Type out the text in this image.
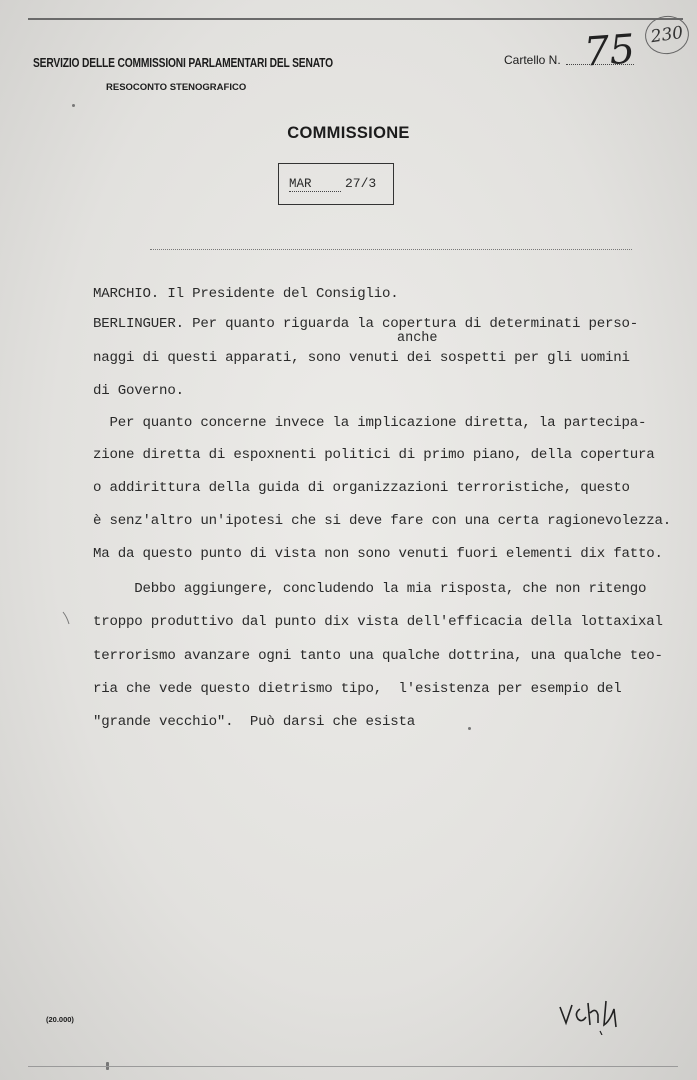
SERVIZIO DELLE COMMISSIONI PARLAMENTARI DEL SENATO
RESOCONTO STENOGRAFICO
Cartello N. 75 230
COMMISSIONE
MAR	27/3
MARCHIO. Il Presidente del Consiglio.
BERLINGUER. Per quanto riguarda la copertura di determinati perso-
anche
naggi di questi apparati, sono venuti dei sospetti per gli uomini
di Governo.
Per quanto concerne invece la implicazione diretta, la partecipa-
zione diretta di espoxnenti politici di primo piano, della copertura
o addirittura della guida di organizzazioni terroristiche, questo
è senz'altro un'ipotesi che si deve fare con una certa ragionevolezza.
Ma da questo punto di vista non sono venuti fuori elementi dix fatto.
Debbo aggiungere, concludendo la mia risposta, che non ritengo
troppo produttivo dal punto dix vista dell'efficacia della lottaxixal
terrorismo avanzare ogni tanto una qualche dottrina, una qualche teo-
ria che vede questo dietrismo tipo,  l'esistenza per esempio del
"grande vecchio".  Può darsi che esista
(20.000)
